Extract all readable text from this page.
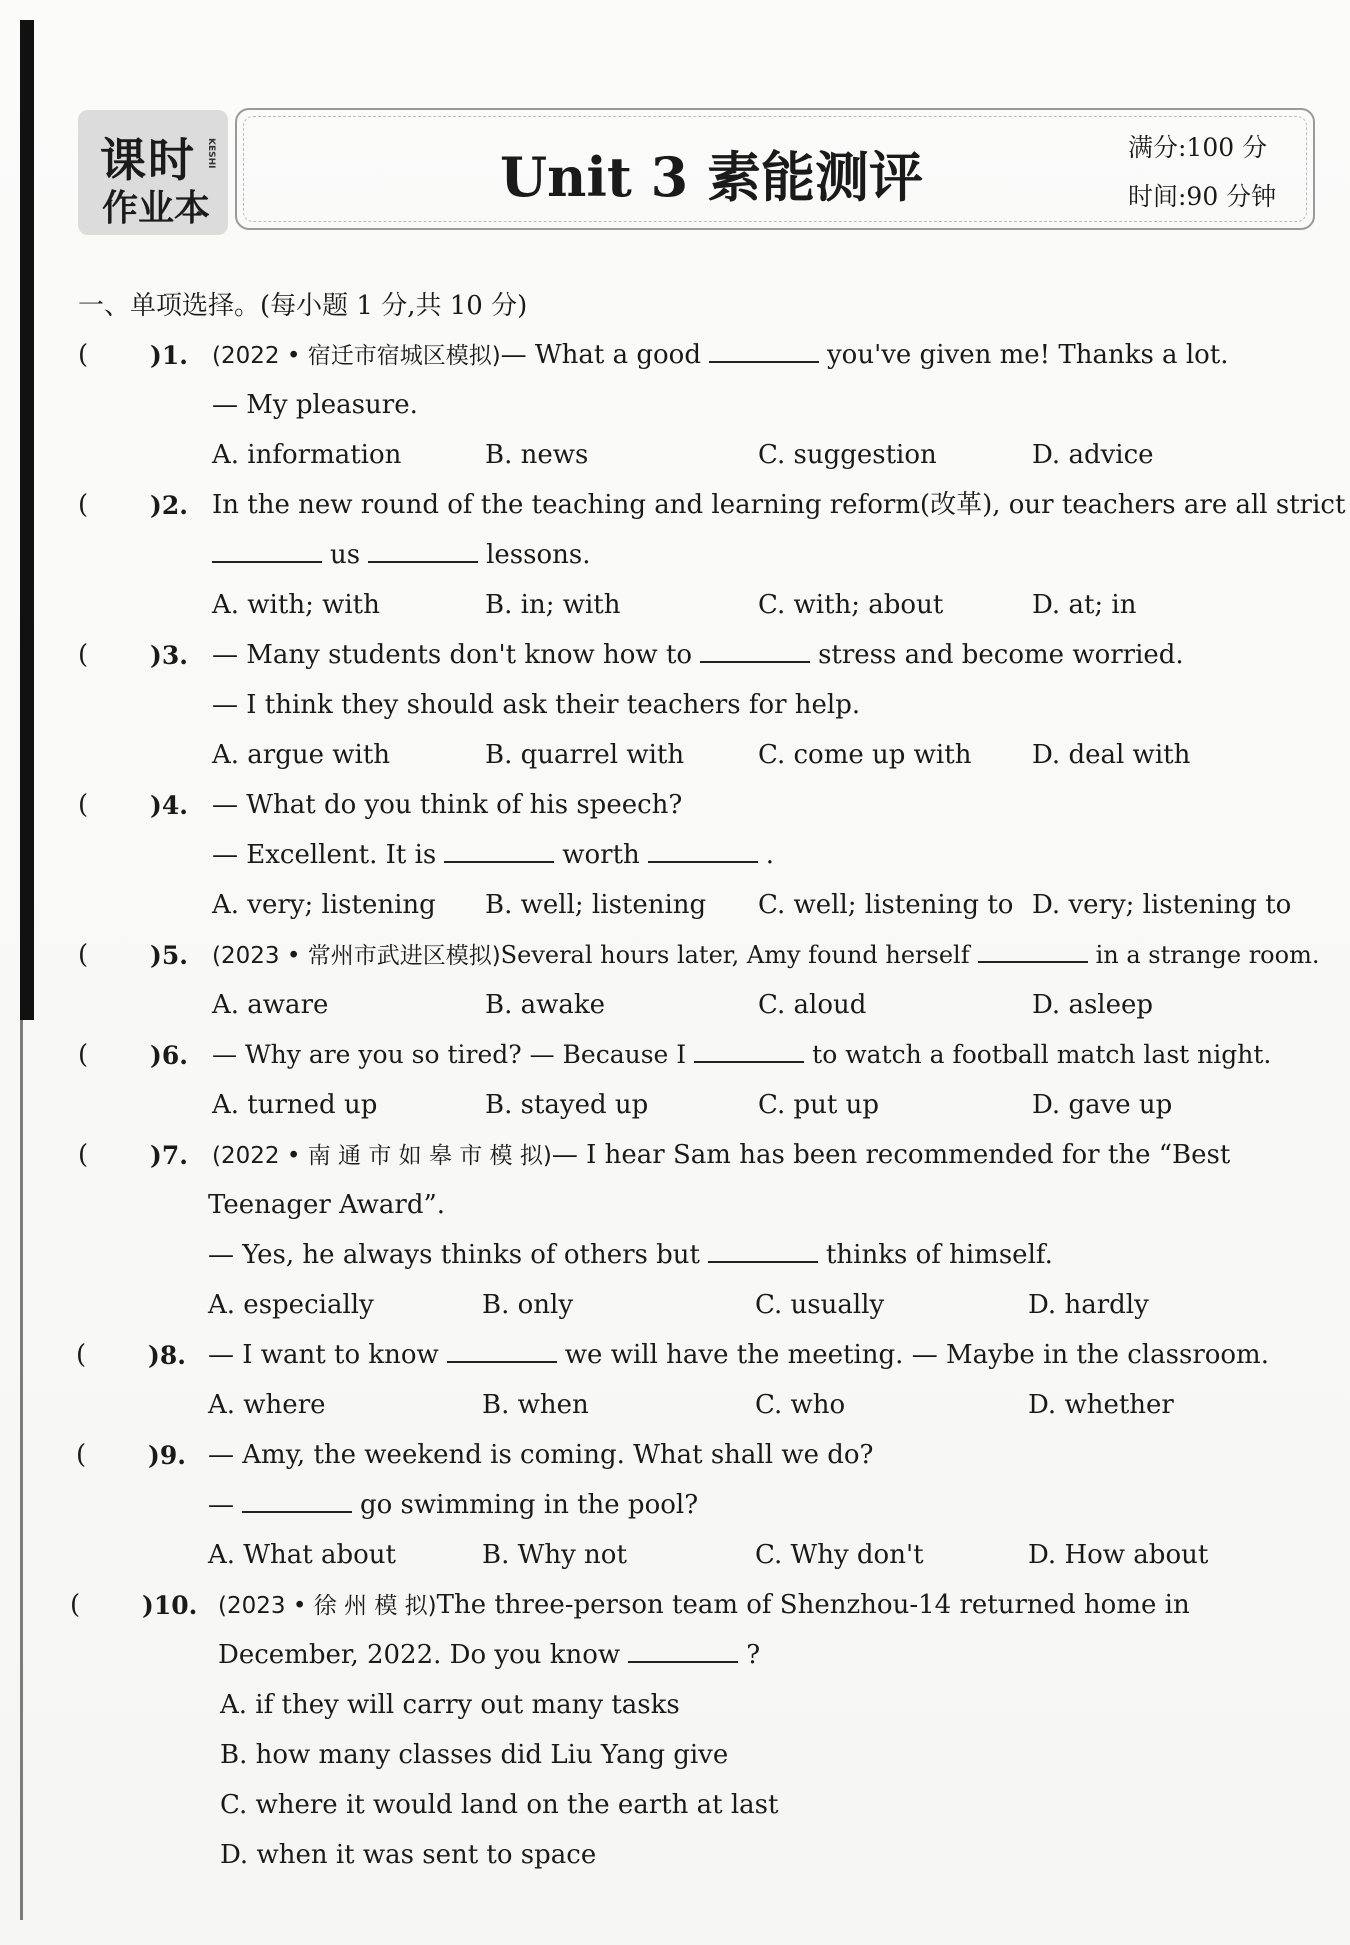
课时
作业本
KESHI	Unit 3 素能测评	满分:100 分
时间:90 分钟
一、单项选择。(每小题 1 分,共 10 分)
( )1. (2022 • 宿迁市宿城区模拟)— What a good	you've given me! Thanks a lot.
— My pleasure.
A. information	B. news	C. suggestion	D. advice
( )2. In the new round of the teaching and learning reform(改革), our teachers are all strict
us	lessons.
A. with; with	B. in; with	C. with; about	D. at; in
( )3. — Many students don't know how to	stress and become worried.
— I think they should ask their teachers for help.
A. argue with	B. quarrel with	C. come up with D. deal with
( )4. — What do you think of his speech?
— Excellent. It is	worth	.
A. very; listening B. well; listening C. well; listening to D. very; listening to
( )5. (2023 • 常州市武进区模拟)Several hours later, Amy found herself	in a strange room.
A. aware	B. awake	C. aloud	D. asleep
( )6. — Why are you so tired? — Because I	to watch a football match last night.
A. turned up	B. stayed up	C. put up	D. gave up
( )7. (2022 • 南 通 市 如 皋 市 模 拟)— I hear Sam has been recommended for the “Best
Teenager Award”.
— Yes, he always thinks of others but	thinks of himself.
A. especially	B. only	C. usually	D. hardly
( )8. — I want to know	we will have the meeting. — Maybe in the classroom.
A. where	B. when	C. who	D. whether
( )9. — Amy, the weekend is coming. What shall we do?
—	go swimming in the pool?
A. What about	B. Why not	C. Why don't	D. How about
( )10. (2023 • 徐 州 模 拟)The three-person team of Shenzhou-14 returned home in
December, 2022. Do you know	?
A. if they will carry out many tasks
B. how many classes did Liu Yang give
C. where it would land on the earth at last
D. when it was sent to space
